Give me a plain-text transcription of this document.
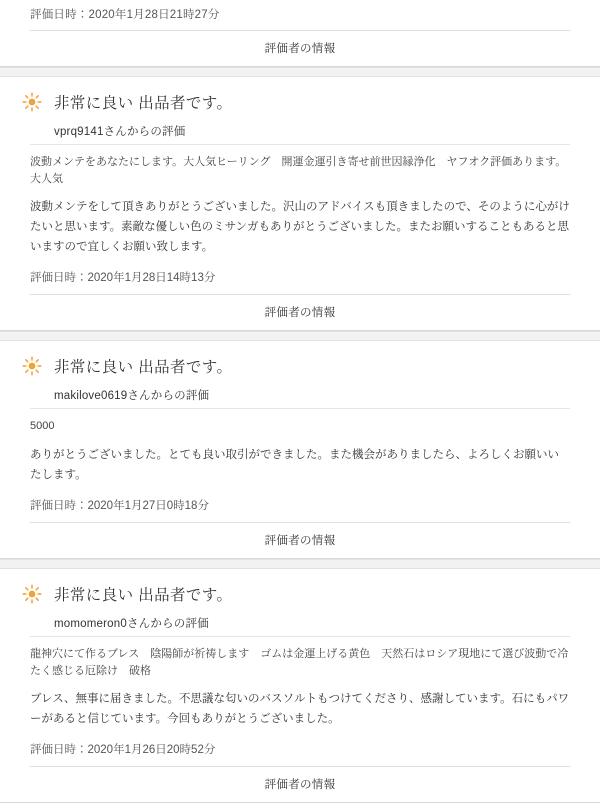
評価日時：2020年1月28日21時27分
評価者の情報
非常に良い 出品者です。
vprq9141さんからの評価
波動メンテをあなたにします。大人気ヒーリング　開運金運引き寄せ前世因縁浄化　ヤフオク評価あります。大人気
波動メンテをして頂きありがとうございました。沢山のアドバイスも頂きましたので、そのように心がけたいと思います。素敵な優しい色のミサンガもありがとうございました。またお願いすることもあると思いますので宜しくお願い致します。
評価日時：2020年1月28日14時13分
評価者の情報
非常に良い 出品者です。
makilove0619さんからの評価
5000
ありがとうございました。とても良い取引ができました。また機会がありましたら、よろしくお願いいたします。
評価日時：2020年1月27日0時18分
評価者の情報
非常に良い 出品者です。
momomeron0さんからの評価
龍神穴にて作るブレス　陰陽師が祈祷します　ゴムは金運上げる黄色　天然石はロシア現地にて選び波動で冷たく感じる厄除け　破格
ブレス、無事に届きました。不思議な匂いのバスソルトもつけてくださり、感謝しています。石にもパワーがあると信じています。今回もありがとうございました。
評価日時：2020年1月26日20時52分
評価者の情報
